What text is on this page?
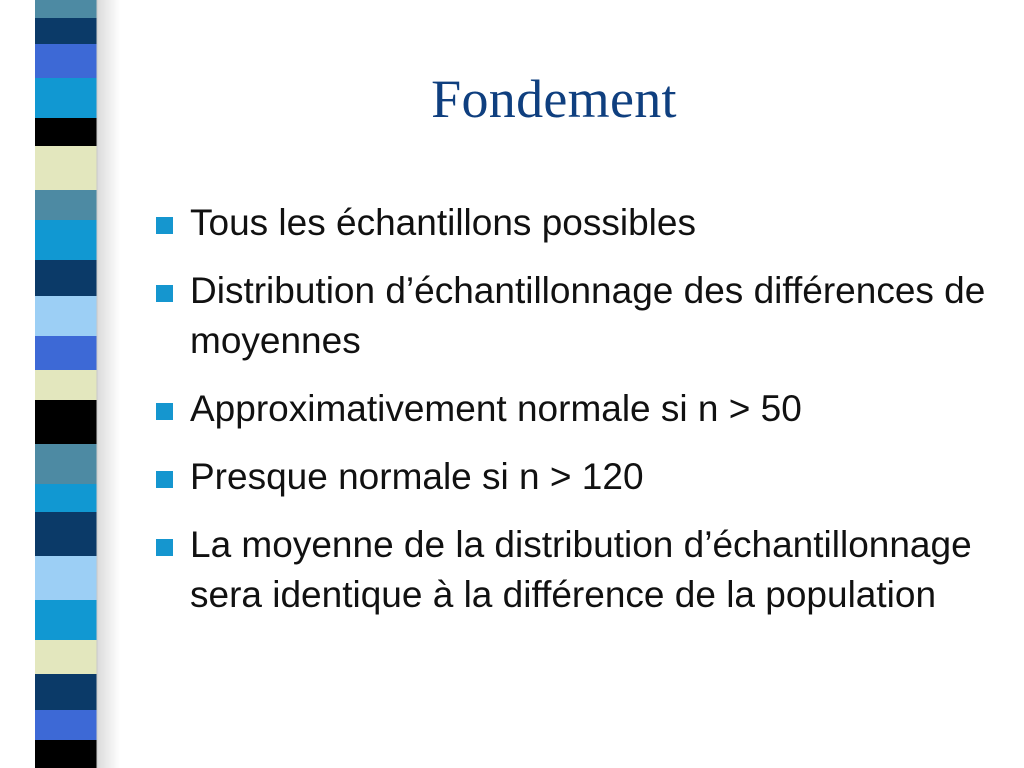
Fondement
Tous les échantillons possibles
Distribution d’échantillonnage des différences de moyennes
Approximativement normale si n > 50
Presque normale si n > 120
La moyenne de la distribution d’échantillonnage sera identique à la différence de la population
